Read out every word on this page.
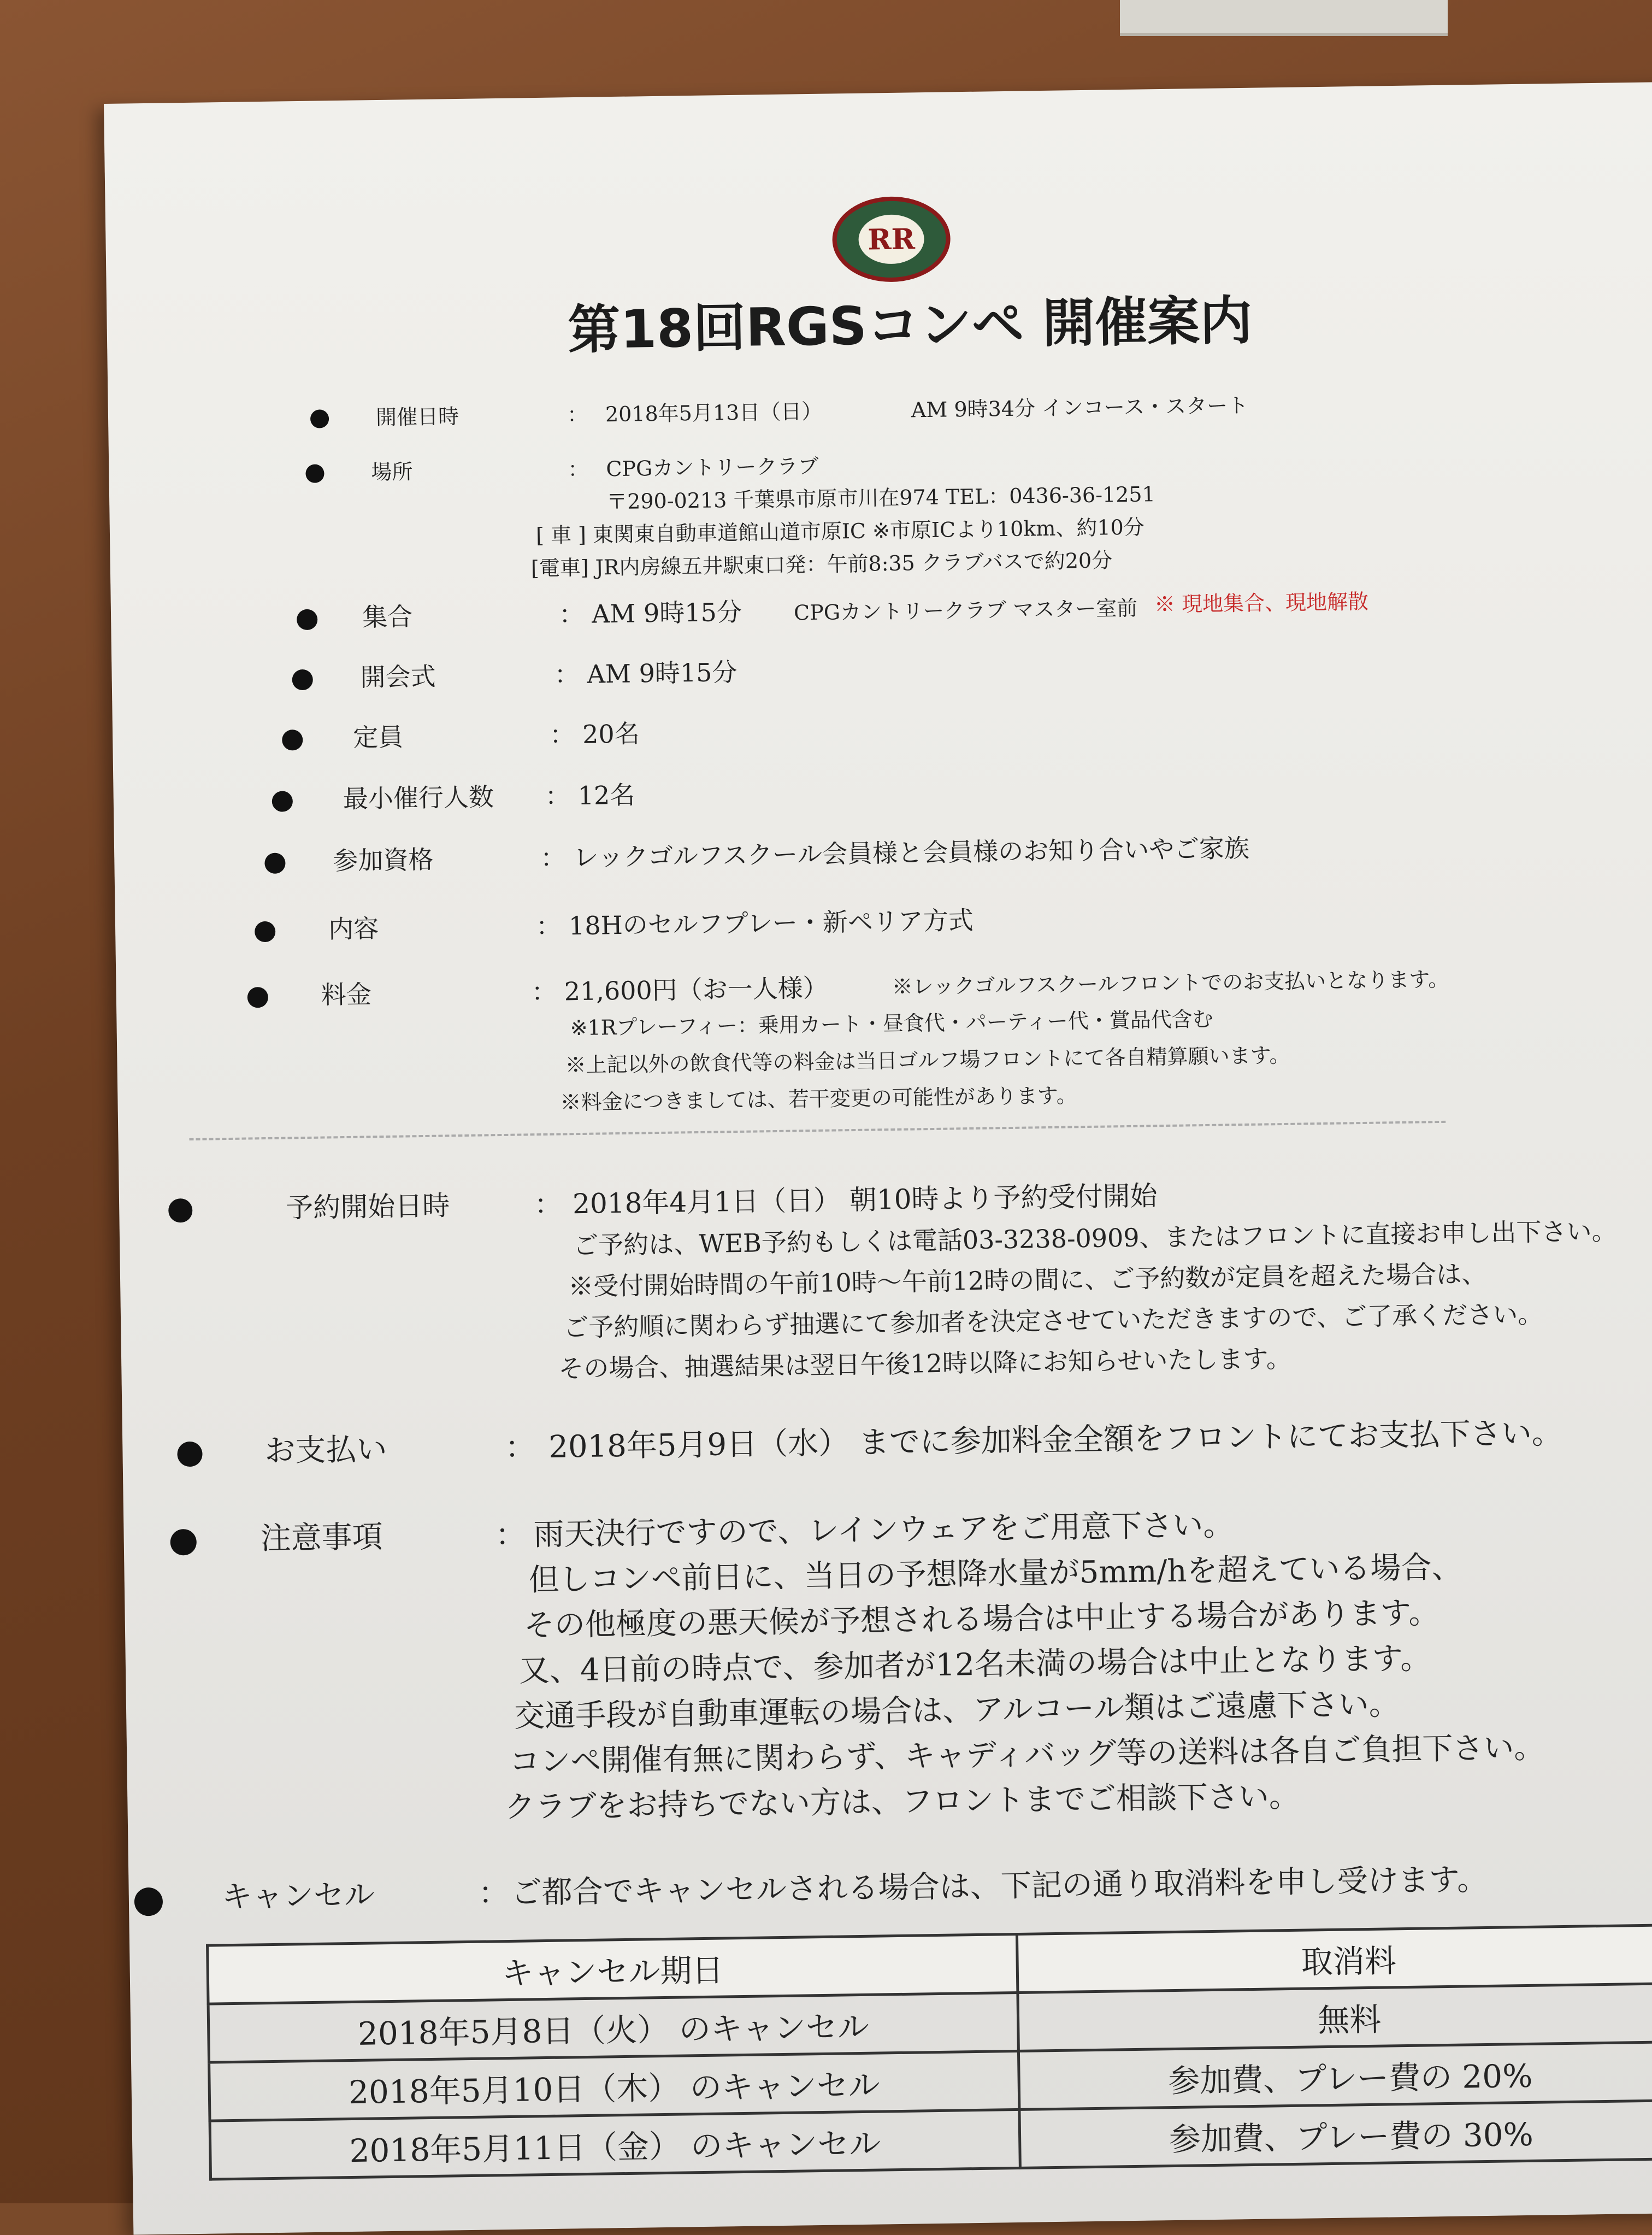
RR
第18回RGSコンペ 開催案内
開催日時	： 2018年5月13日（日）	AM 9時34分 インコース・スタート
場所	： CPGカントリークラブ
〒290-0213 千葉県市原市川在974 TEL：0436-36-1251
[ 車 ] 東関東自動車道館山道市原IC ※市原ICより10km、約10分
[電車] JR内房線五井駅東口発：午前8:35 クラブバスで約20分
集合	： AM 9時15分 CPGカントリークラブ マスター室前 ※ 現地集合、現地解散
開会式	： AM 9時15分
定員	： 20名
最小催行人数 ： 12名
参加資格	： レックゴルフスクール会員様と会員様のお知り合いやご家族
内容	： 18Hのセルフプレー・新ペリア方式
料金	： 21,600円（お一人様）	※レックゴルフスクールフロントでのお支払いとなります。
※1Rプレーフィー：乗用カート・昼食代・パーティー代・賞品代含む
※上記以外の飲食代等の料金は当日ゴルフ場フロントにて各自精算願います。
※料金につきましては、若干変更の可能性があります。
予約開始日時	： 2018年4月1日（日） 朝10時より予約受付開始
ご予約は、WEB予約もしくは電話03-3238-0909、またはフロントに直接お申し出下さい。
※受付開始時間の午前10時〜午前12時の間に、ご予約数が定員を超えた場合は、
ご予約順に関わらず抽選にて参加者を決定させていただきますので、ご了承ください。
その場合、抽選結果は翌日午後12時以降にお知らせいたします。
お支払い	： 2018年5月9日（水） までに参加料金全額をフロントにてお支払下さい。
注意事項	： 雨天決行ですので、レインウェアをご用意下さい。
但しコンペ前日に、当日の予想降水量が5mm/hを超えている場合、
その他極度の悪天候が予想される場合は中止する場合があります。
又、4日前の時点で、参加者が12名未満の場合は中止となります。
交通手段が自動車運転の場合は、アルコール類はご遠慮下さい。
コンペ開催有無に関わらず、キャディバッグ等の送料は各自ご負担下さい。
クラブをお持ちでない方は、フロントまでご相談下さい。
キャンセル	： ご都合でキャンセルされる場合は、下記の通り取消料を申し受けます。
キャンセル期日	取消料
2018年5月8日（火） のキャンセル	無料
2018年5月10日（木） のキャンセル	参加費、プレー費の 20%
2018年5月11日（金） のキャンセル	参加費、プレー費の 30%
